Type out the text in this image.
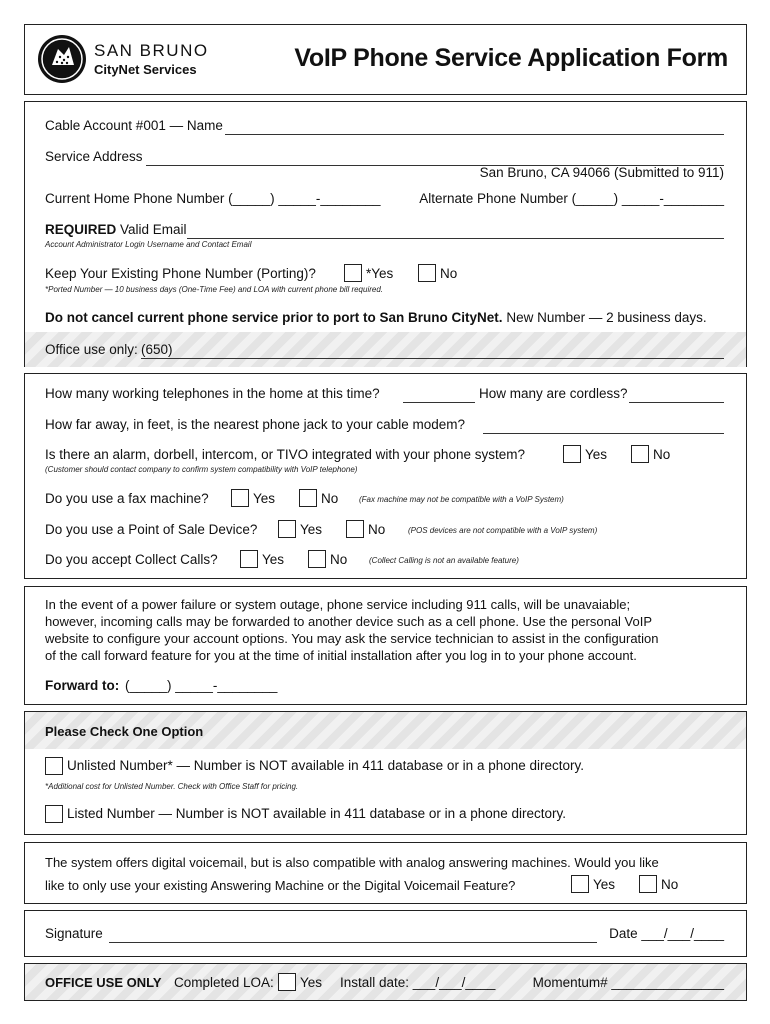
SAN BRUNO
CityNet Services	VoIP Phone Service Application Form
Cable Account #001 — Name
Service Address
San Bruno, CA 94066 (Submitted to 911)
Current Home Phone Number (_____) _____-________	Alternate Phone Number (_____) _____-________
REQUIRED Valid Email
Account Administrator Login Username and Contact Email
Keep Your Existing Phone Number (Porting)?	*Yes	No
*Ported Number — 10 business days (One-Time Fee) and LOA with current phone bill required.
Do not cancel current phone service prior to port to San Bruno CityNet. New Number — 2 business days.
Office use only: (650)
How many working telephones in the home at this time?	How many are cordless?
How far away, in feet, is the nearest phone jack to your cable modem?
Is there an alarm, dorbell, intercom, or TIVO integrated with your phone system?	Yes	No
(Customer should contact company to confirm system compatibility with VoIP telephone)
Do you use a fax machine?	Yes	No	(Fax machine may not be compatible with a VoIP System)
Do you use a Point of Sale Device?	Yes	No	(POS devices are not compatible with a VoIP system)
Do you accept Collect Calls?	Yes	No	(Collect Calling is not an available feature)
In the event of a power failure or system outage, phone service including 911 calls, will be unavaiable;
however, incoming calls may be forwarded to another device such as a cell phone. Use the personal VoIP
website to configure your account options. You may ask the service technician to assist in the configuration
of the call forward feature for you at the time of initial installation after you log in to your phone account.
Forward to: (_____) _____-________
Please Check One Option
Unlisted Number* — Number is NOT available in 411 database or in a phone directory.
*Additional cost for Unlisted Number. Check with Office Staff for pricing.
Listed Number — Number is NOT available in 411 database or in a phone directory.
The system offers digital voicemail, but is also compatible with analog answering machines. Would you like
like to only use your existing Answering Machine or the Digital Voicemail Feature?	Yes	No
Signature	Date ___/___/____
OFFICE USE ONLY Completed LOA: Yes Install date: ___/___/____	Momentum# _______________
